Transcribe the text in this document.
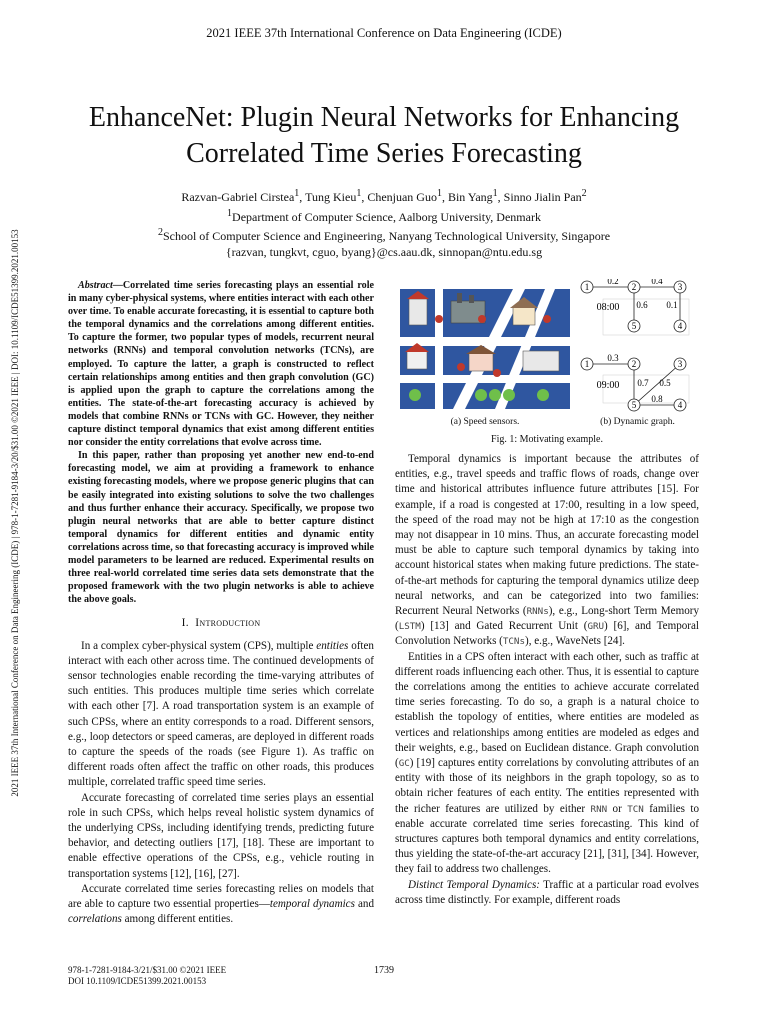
2021 IEEE 37th International Conference on Data Engineering (ICDE)
EnhanceNet: Plugin Neural Networks for Enhancing
Correlated Time Series Forecasting
Razvan-Gabriel Cirstea$^1$, Tung Kieu$^1$, Chenjuan Guo$^1$, Bin Yang$^1$, Sinno Jialin Pan$^2$
$^1$Department of Computer Science, Aalborg University, Denmark
$^2$School of Computer Science and Engineering, Nanyang Technological University, Singapore
{razvan, tungkvt, cguo, byang}@cs.aau.dk, sinnopan@ntu.edu.sg
2021 IEEE 37th International Conference on Data Engineering (ICDE) | 978-1-7281-9184-3/20/$31.00 ©2021 IEEE | DOI: 10.1109/ICDE51399.2021.00153	Abstract—Correlated time series forecasting plays an essential role in many cyber-physical systems, where entities interact with each other over time. To enable accurate forecasting, it is essential to capture both the temporal dynamics and the correlations among different entities. To capture the former, two popular types of models, recurrent neural networks (RNNs) and temporal convolution networks (TCNs), are employed. To capture the latter, a graph is constructed to reflect certain relationships among entities and then graph convolution (GC) is applied upon the graph to capture the correlations among the entities. The state-of-the-art forecasting accuracy is achieved by models that combine RNNs or TCNs with GC. However, they neither capture distinct temporal dynamics that exist among different entities nor consider the entity correlations that evolve across time.

In this paper, rather than proposing yet another new end-to-end forecasting model, we aim at providing a framework to enhance existing forecasting models, where we propose generic plugins that can be easily integrated into existing solutions to solve the two challenges and thus further enhance their accuracy. Specifically, we propose two plugin neural networks that are able to better capture distinct temporal dynamics for different entities and dynamic entity correlations across time, so that forecasting accuracy is improved while model parameters to be learned are reduced. Experimental results on three real-world correlated time series data sets demonstrate that the proposed framework with the two plugin networks is able to achieve the above goals.

I. Introduction

In a complex cyber-physical system (CPS), multiple entities often interact with each other across time. The continued developments of sensor technologies enable recording the time-varying attributes of such entities. This produces multiple time series which correlate with each other [7]. A road transportation system is an example of such CPSs, where an entity corresponds to a road. Different sensors, e.g., loop detectors or speed cameras, are deployed in different roads to capture the speeds of the roads (see Figure 1). As traffic on different roads often affect the traffic on other roads, this produces multiple, correlated traffic speed time series.

Accurate forecasting of correlated time series plays an essential role in such CPSs, which helps reveal holistic system dynamics of the underlying CPSs, including identifying trends, predicting future behavior, and detecting outliers [17], [18]. These are important to enable effective operations of the CPSs, e.g., vehicle routing in transportation systems [12], [16], [27].

Accurate correlated time series forecasting relies on models that are able to capture two essential properties—temporal dynamics and correlations among different entities.

0.2	0.4
0.6 0.1
08:00
1	2	3
5	4
0.3
0.7 0.5
0.8
09:00
1	2	3
5	4
(a) Speed sensors.	(b) Dynamic graph.
Fig. 1: Motivating example.

Temporal dynamics is important because the attributes of entities, e.g., travel speeds and traffic flows of roads, change over time and historical attributes influence future attributes [15]. For example, if a road is congested at 17:00, resulting in a low speed, the speed of the road may not be high at 17:10 as the congestion may not disappear in 10 mins. Thus, an accurate forecasting model must be able to capture such temporal dynamics by taking into account historical states when making future predictions. The state-of-the-art methods for capturing the temporal dynamics utilize deep neural networks, and can be categorized into two families: Recurrent Neural Networks (RNNs), e.g., Long-short Term Memory (LSTM) [13] and Gated Recurrent Unit (GRU) [6], and Temporal Convolution Networks (TCNs), e.g., WaveNets [24].

Entities in a CPS often interact with each other, such as traffic at different roads influencing each other. Thus, it is essential to capture the correlations among the entities to achieve accurate correlated time series forecasting. To do so, a graph is a natural choice to establish the topology of entities, where entities are modeled as vertices and relationships among entities are modeled as edges and their weights, e.g., based on Euclidean distance. Graph convolution (GC) [19] captures entity correlations by convoluting attributes of an entity with those of its neighbors in the graph topology, so as to obtain richer features of each entity. The entities represented with the richer features are utilized by either RNN or TCN families to enable accurate correlated time series forecasting. This kind of structures captures both temporal dynamics and entity correlations, thus yielding the state-of-the-art accuracy [21], [31], [34]. However, they fail to address two challenges.

Distinct Temporal Dynamics: Traffic at a particular road evolves across time distinctly. For example, different roads

978-1-7281-9184-3/21/$31.00 ©2021 IEEE
DOI 10.1109/ICDE51399.2021.00153
1739
